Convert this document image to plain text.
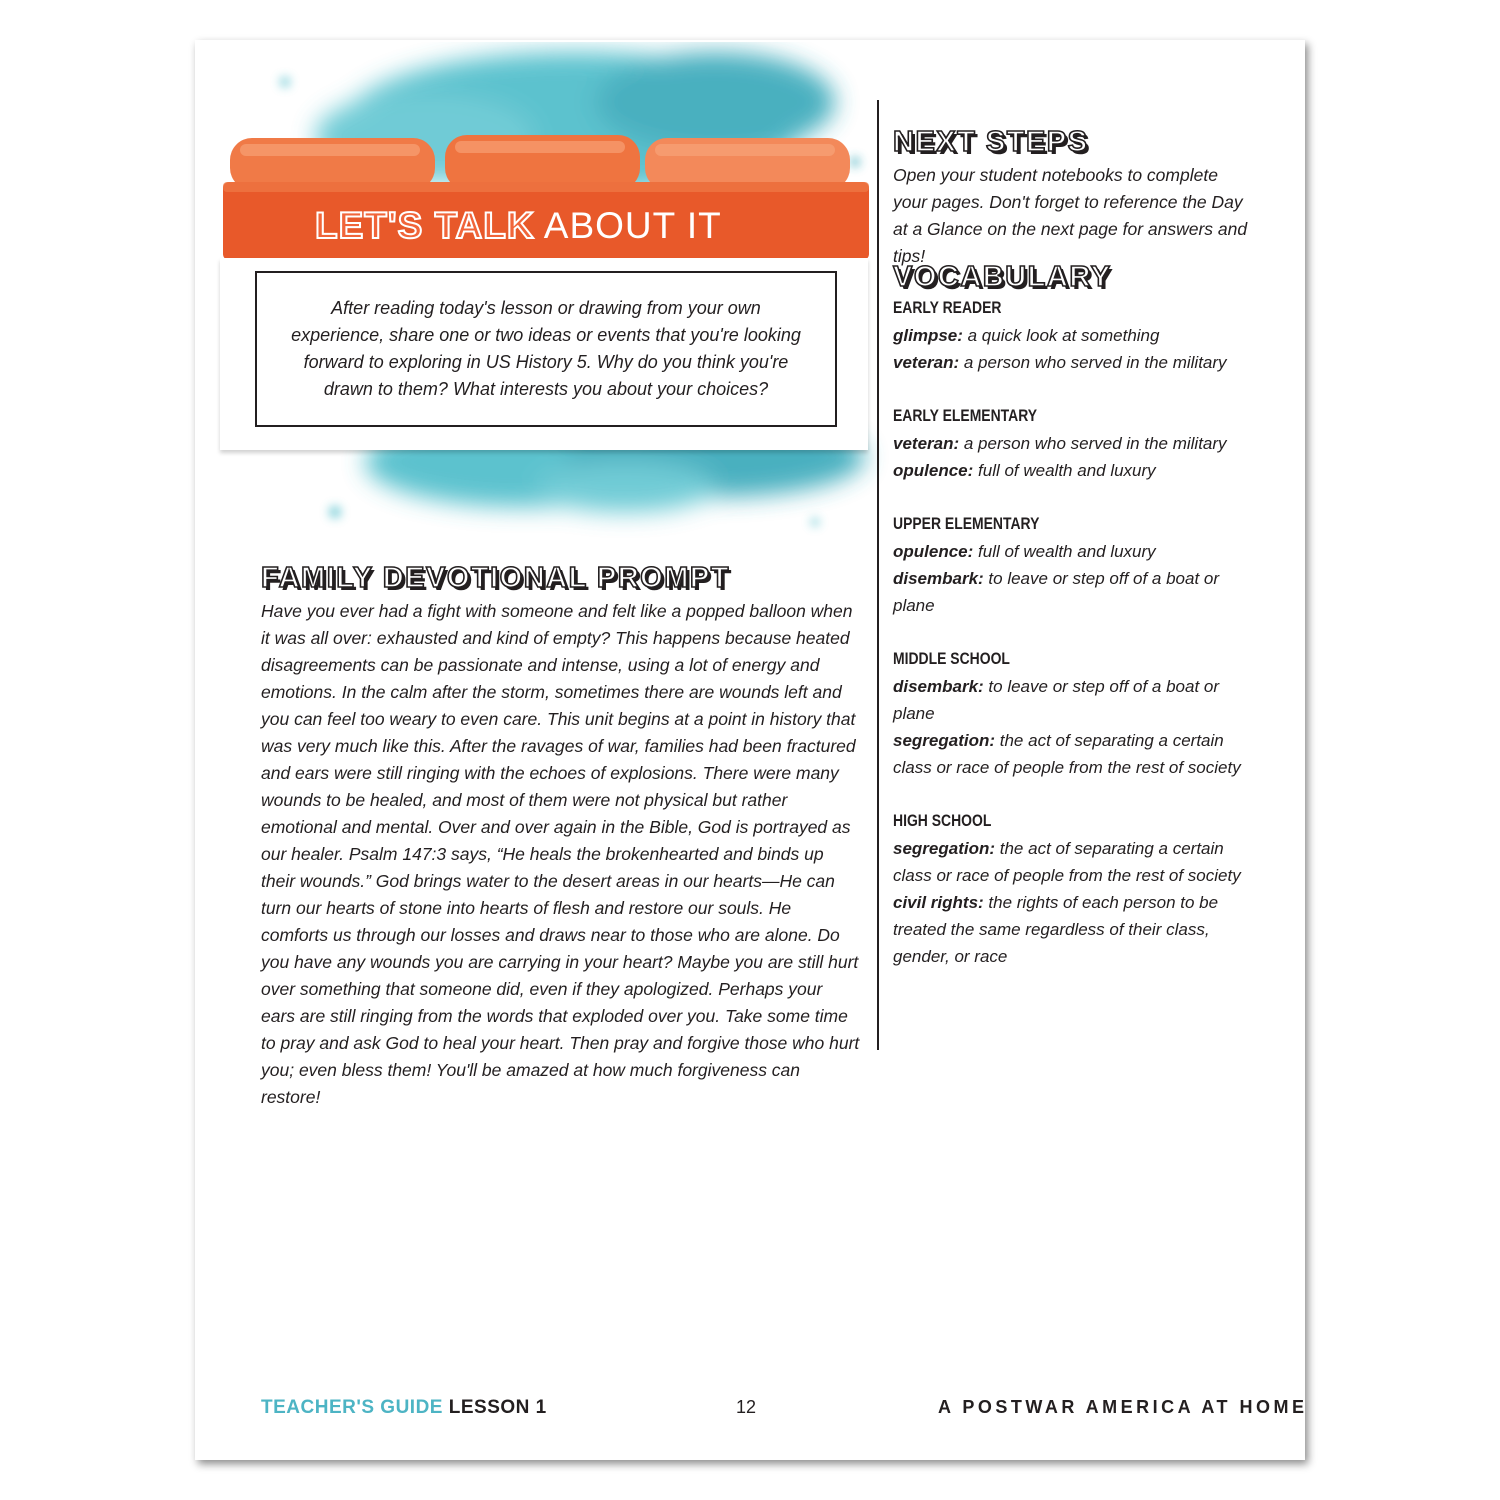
LET'S TALK ABOUT IT
After reading today's lesson or drawing from your own experience, share one or two ideas or events that you're looking forward to exploring in US History 5. Why do you think you're drawn to them? What interests you about your choices?
FAMILY DEVOTIONAL PROMPT
Have you ever had a fight with someone and felt like a popped balloon when it was all over: exhausted and kind of empty? This happens because heated disagreements can be passionate and intense, using a lot of energy and emotions. In the calm after the storm, sometimes there are wounds left and you can feel too weary to even care. This unit begins at a point in history that was very much like this. After the ravages of war, families had been fractured and ears were still ringing with the echoes of explosions. There were many wounds to be healed, and most of them were not physical but rather emotional and mental. Over and over again in the Bible, God is portrayed as our healer. Psalm 147:3 says, “He heals the brokenhearted and binds up their wounds.” God brings water to the desert areas in our hearts—He can turn our hearts of stone into hearts of flesh and restore our souls. He comforts us through our losses and draws near to those who are alone. Do you have any wounds you are carrying in your heart? Maybe you are still hurt over something that someone did, even if they apologized. Perhaps your ears are still ringing from the words that exploded over you. Take some time to pray and ask God to heal your heart. Then pray and forgive those who hurt you; even bless them! You'll be amazed at how much forgiveness can restore!
NEXT STEPS
Open your student notebooks to complete your pages. Don't forget to reference the Day at a Glance on the next page for answers and tips!
VOCABULARY
EARLY READER
glimpse: a quick look at something
veteran: a person who served in the military
EARLY ELEMENTARY
veteran: a person who served in the military
opulence: full of wealth and luxury
UPPER ELEMENTARY
opulence: full of wealth and luxury
disembark: to leave or step off of a boat or plane
MIDDLE SCHOOL
disembark: to leave or step off of a boat or plane
segregation: the act of separating a certain class or race of people from the rest of society
HIGH SCHOOL
segregation: the act of separating a certain class or race of people from the rest of society
civil rights: the rights of each person to be treated the same regardless of their class, gender, or race
TEACHER'S GUIDE LESSON 1	12	A POSTWAR AMERICA AT HOME
